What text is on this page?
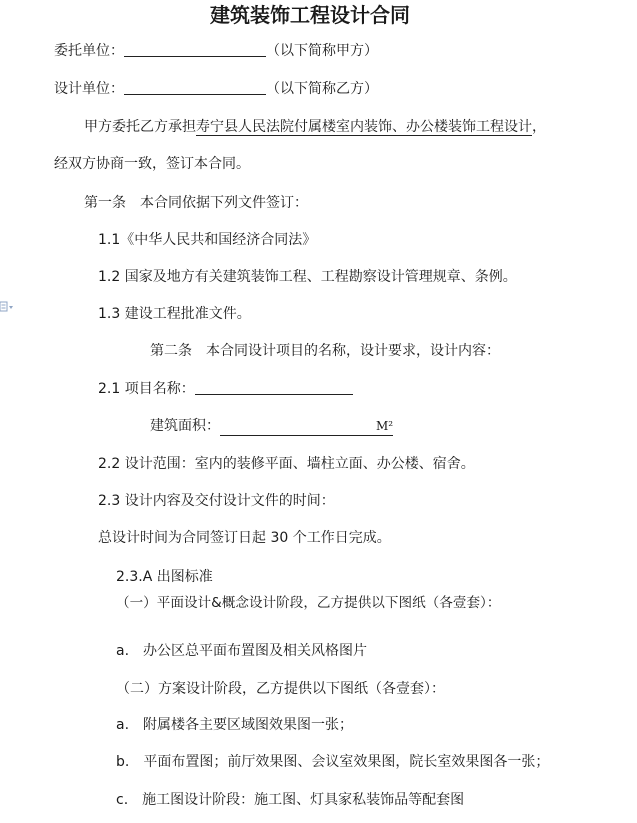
建筑装饰工程设计合同
委托单位：	（以下简称甲方）
设计单位：	（以下简称乙方）
甲方委托乙方承担寿宁县人民法院付属楼室内装饰、办公楼装饰工程设计，
经双方协商一致，签订本合同。
第一条　本合同依据下列文件签订：
1.1《中华人民共和国经济合同法》
1.2 国家及地方有关建筑装饰工程、工程勘察设计管理规章、条例。
1.3 建设工程批准文件。
第二条　本合同设计项目的名称，设计要求，设计内容：
2.1 项目名称：
建筑面积：	M²
2.2 设计范围：室内的装修平面、墙柱立面、办公楼、宿舍。
2.3 设计内容及交付设计文件的时间：
总设计时间为合同签订日起 30 个工作日完成。
2.3.A 出图标准
（一）平面设计&概念设计阶段，乙方提供以下图纸（各壹套）：
a.　办公区总平面布置图及相关风格图片
（二）方案设计阶段，乙方提供以下图纸（各壹套）：
a.　附属楼各主要区域图效果图一张；
b.　平面布置图；前厅效果图、会议室效果图，院长室效果图各一张；
c.　施工图设计阶段：施工图、灯具家私装饰品等配套图
